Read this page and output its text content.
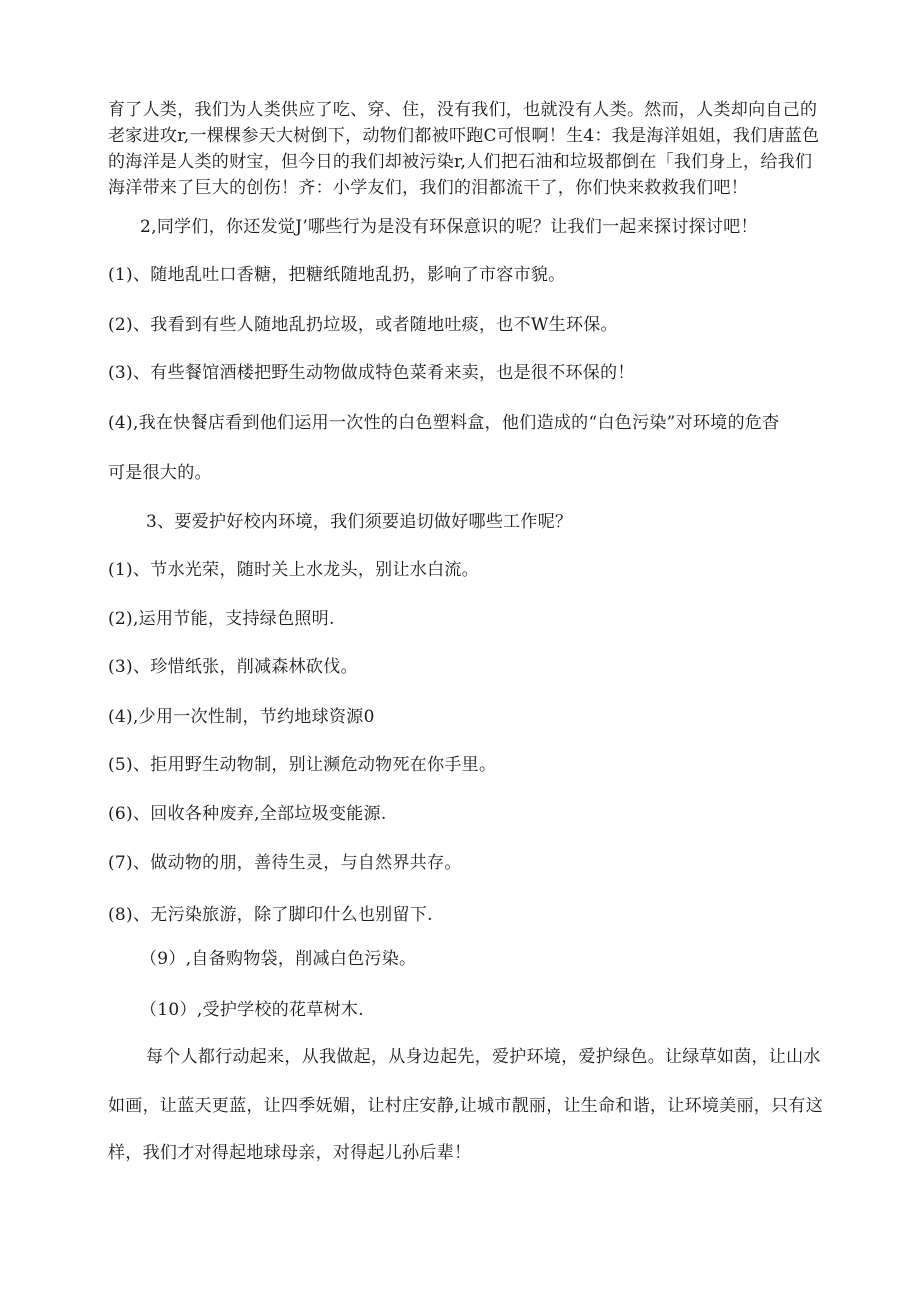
育了人类，我们为人类供应了吃、穿、住，没有我们，也就没有人类。然而，人类却向自己的
老家进攻r,一棵棵参天大树倒下，动物们都被吓跑C可恨啊！生4：我是海洋姐姐，我们唐蓝色
的海洋是人类的财宝，但今日的我们却被污染r,人们把石油和垃圾都倒在「我们身上，给我们
海洋带来了巨大的创伤！齐：小学友们，我们的泪都流干了，你们快来救救我们吧！
2,同学们，你还发觉J’哪些行为是没有环保意识的呢？让我们一起来探讨探讨吧！
(1)、随地乱吐口香糖，把糖纸随地乱扔，影响了市容市貌。
(2)、我看到有些人随地乱扔垃圾，或者随地吐痰，也不W生环保。
(3)、有些餐馆酒楼把野生动物做成特色菜肴来卖，也是很不环保的！
(4),我在快餐店看到他们运用一次性的白色塑料盒，他们造成的“白色污染”对环境的危杳
可是很大的。
3、要爱护好校内环境，我们须要追切做好哪些工作呢？
(1)、节水光荣，随时关上水龙头，别让水白流。
(2),运用节能，支持绿色照明.
(3)、珍惜纸张，削减森林砍伐。
(4),少用一次性制，节约地球资源0
(5)、拒用野生动物制，别让濒危动物死在你手里。
(6)、回收各种废弃,全部垃圾变能源.
(7)、做动物的朋，善待生灵，与自然界共存。
(8)、无污染旅游，除了脚印什么也别留下.
（9）,自备购物袋，削减白色污染。
（10）,受护学校的花草树木.
每个人都行动起来，从我做起，从身边起先，爱护环境，爱护绿色。让绿草如茵，让山水
如画，让蓝天更蓝，让四季妩媚，让村庄安静,让城市靓丽，让生命和谐，让环境美丽，只有这
样，我们才对得起地球母亲，对得起儿孙后辈！
